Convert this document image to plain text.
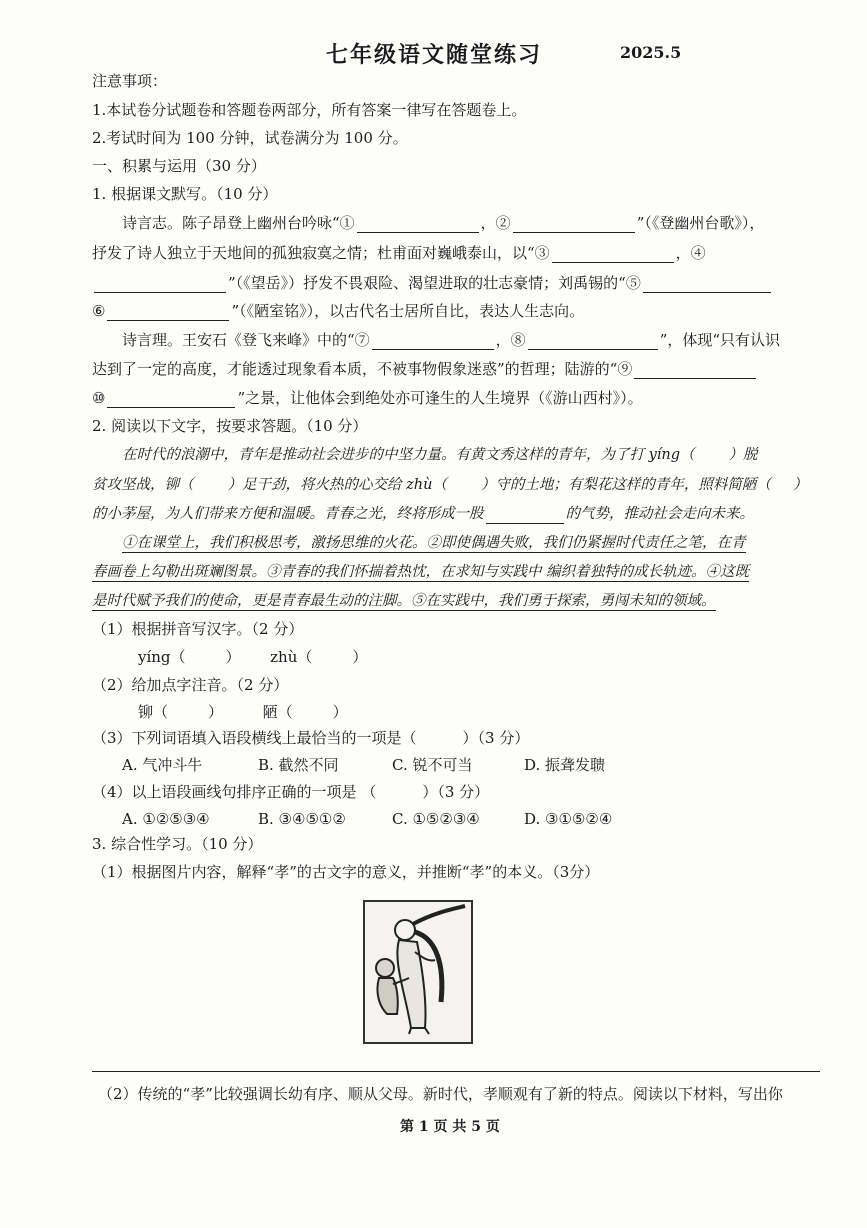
七年级语文随堂练习	2025.5
注意事项：
1.本试卷分试题卷和答题卷两部分，所有答案一律写在答题卷上。
2.考试时间为 100 分钟，试卷满分为 100 分。
一、积累与运用（30 分）
1. 根据课文默写。（10 分）
诗言志。陈子昂登上幽州台吟咏“①	，②	”（《登幽州台歌》），
抒发了诗人独立于天地间的孤独寂寞之情；杜甫面对巍峨泰山，以“③	，④
”（《望岳》）抒发不畏艰险、渴望进取的壮志豪情；刘禹锡的“⑤
⑥	”（《陋室铭》），以古代名士居所自比，表达人生志向。
诗言理。王安石《登飞来峰》中的“⑦	，⑧	”，体现“只有认识
达到了一定的高度，才能透过现象看本质，不被事物假象迷惑”的哲理；陆游的“⑨
⑩	”之景，让他体会到绝处亦可逢生的人生境界（《游山西村》）。
2. 阅读以下文字，按要求答题。（10 分）
在时代的浪潮中，青年是推动社会进步的中坚力量。有黄文秀这样的青年，为了打 yíng（ ）脱
贫攻坚战，铆（ ）足干劲，将火热的心交给 zhù（ ）守的土地；有梨花这样的青年，照料简陋（ ）
的小茅屋，为人们带来方便和温暖。青春之光，终将形成一股	的气势，推动社会走向未来。
①在课堂上，我们积极思考，激扬思维的火花。②即使偶遇失败，我们仍紧握时代责任之笔，在青
春画卷上勾勒出斑斓图景。③青春的我们怀揣着热忱，在求知与实践中 编织着独特的成长轨迹。④这既
是时代赋予我们的使命，更是青春最生动的注脚。⑤在实践中，我们勇于探索，勇闯未知的领域。
（1）根据拼音写汉字。（2 分）
yíng（	） zhù（	）
（2）给加点字注音。（2 分）
铆（	）	陋（	）
（3）下列词语填入语段横线上最恰当的一项是（	）（3 分）
A. 气冲斗牛	B. 截然不同	C. 锐不可当	D. 振聋发聩
（4）以上语段画线句排序正确的一项是 （	）（3 分）
A. ①②⑤③④	B. ③④⑤①②	C. ①⑤②③④	D. ③①⑤②④
3. 综合性学习。（10 分）
（1）根据图片内容，解释“孝”的古文字的意义，并推断“孝”的本义。（3分）
（2）传统的“孝”比较强调长幼有序、顺从父母。新时代，孝顺观有了新的特点。阅读以下材料，写出你
第 1 页 共 5 页
